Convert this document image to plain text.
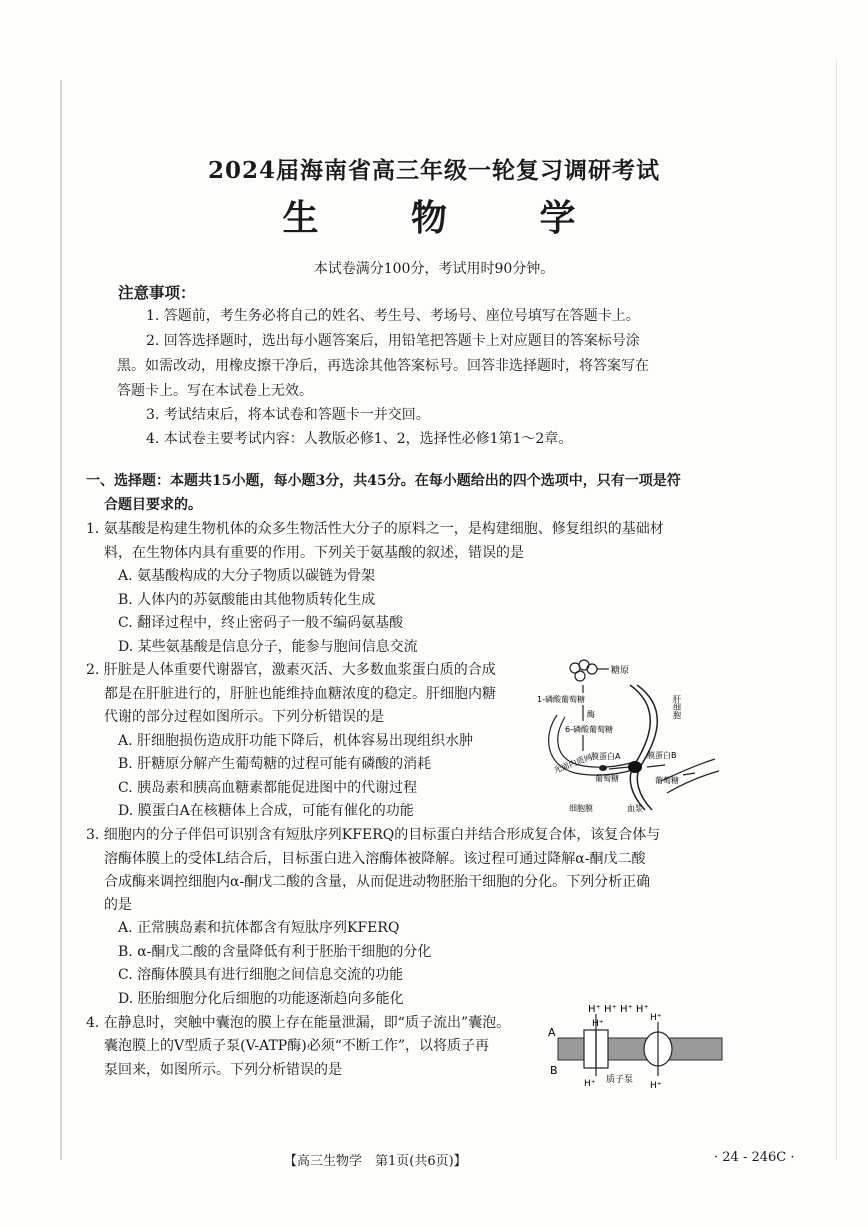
2024届海南省高三年级一轮复习调研考试
生 物 学
本试卷满分100分，考试用时90分钟。
注意事项：
1. 答题前，考生务必将自己的姓名、考生号、考场号、座位号填写在答题卡上。
2. 回答选择题时，选出每小题答案后，用铅笔把答题卡上对应题目的答案标号涂
黑。如需改动，用橡皮擦干净后，再选涂其他答案标号。回答非选择题时，将答案写在
答题卡上。写在本试卷上无效。
3. 考试结束后，将本试卷和答题卡一并交回。
4. 本试卷主要考试内容：人教版必修1、2，选择性必修1第1～2章。
一、选择题：本题共15小题，每小题3分，共45分。在每小题给出的四个选项中，只有一项是符
合题目要求的。
1. 氨基酸是构建生物机体的众多生物活性大分子的原料之一，是构建细胞、修复组织的基础材
料，在生物体内具有重要的作用。下列关于氨基酸的叙述，错误的是
A. 氨基酸构成的大分子物质以碳链为骨架
B. 人体内的苏氨酸能由其他物质转化生成
C. 翻译过程中，终止密码子一般不编码氨基酸
D. 某些氨基酸是信息分子，能参与胞间信息交流
2. 肝脏是人体重要代谢器官，激素灭活、大多数血浆蛋白质的合成
都是在肝脏进行的，肝脏也能维持血糖浓度的稳定。肝细胞内糖
代谢的部分过程如图所示。下列分析错误的是
A. 肝细胞损伤造成肝功能下降后，机体容易出现组织水肿
B. 肝糖原分解产生葡萄糖的过程可能有磷酸的消耗
C. 胰岛素和胰高血糖素都能促进图中的代谢过程
D. 膜蛋白A在核糖体上合成，可能有催化的功能
糖原
1-磷酸葡萄糖
酶
6-磷酸葡萄糖
光面内质网
膜蛋白A
葡萄糖
膜蛋白B
葡萄糖
肝细胞
细胞膜	血浆
3. 细胞内的分子伴侣可识别含有短肽序列KFERQ的目标蛋白并结合形成复合体，该复合体与
溶酶体膜上的受体L结合后，目标蛋白进入溶酶体被降解。该过程可通过降解α-酮戊二酸
合成酶来调控细胞内α-酮戊二酸的含量，从而促进动物胚胎干细胞的分化。下列分析正确
的是
A. 正常胰岛素和抗体都含有短肽序列KFERQ
B. α-酮戊二酸的含量降低有利于胚胎干细胞的分化
C. 溶酶体膜具有进行细胞之间信息交流的功能
D. 胚胎细胞分化后细胞的功能逐渐趋向多能化
4. 在静息时，突触中囊泡的膜上存在能量泄漏，即“质子流出”囊泡。
囊泡膜上的V型质子泵(V-ATP酶)必须“不断工作”，以将质子再
泵回来，如图所示。下列分析错误的是
H⁺ H⁺ H⁺ H⁺
H⁺
H⁺
H⁺	H⁺
A
B
质子泵
【高三生物学　第1页(共6页)】	· 24 - 246C ·
